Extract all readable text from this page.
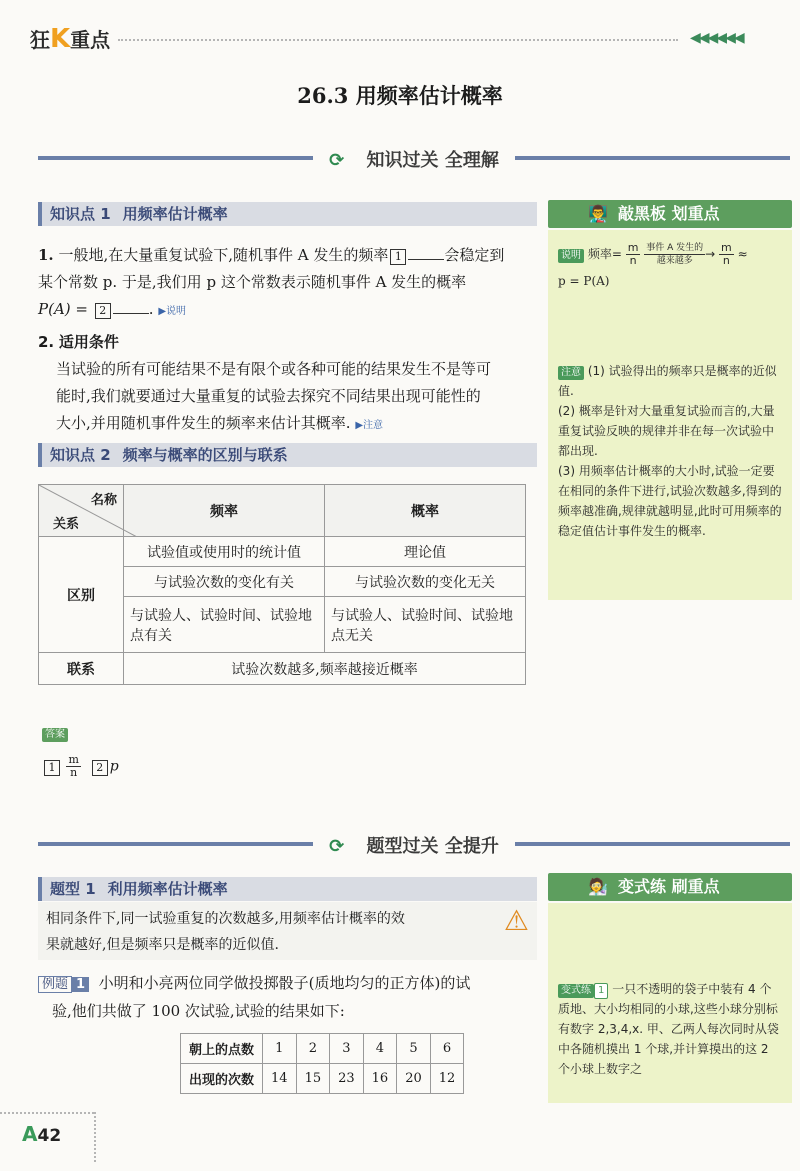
狂K重点	◀◀◀◀◀◀
26.3 用频率估计概率
⟳ 知识过关 全理解
知识点 1 用频率估计概率
1. 一般地,在大量重复试验下,随机事件 A 发生的频率 1	会稳定到
某个常数 p. 于是,我们用 p 这个常数表示随机事件 A 发生的概率
P(A) = 2	. ▶说明
2. 适用条件
当试验的所有可能结果不是有限个或各种可能的结果发生不是等可
能时,我们就要通过大量重复的试验去探究不同结果出现可能性的
大小,并用随机事件发生的频率来估计其概率. ▶注意
知识点 2 频率与概率的区别与联系
名称
关系	频率	概率
区别	试验值或使用时的统计值	理论值
	与试验次数的变化有关	与试验次数的变化无关
	与试验人、试验时间、试验地点有关	与试验人、试验时间、试验地点无关
联系	试验次数越多,频率越接近概率	
答案
$1 \frac{m}{n} 2$ p
👨‍🏫 敲黑板 划重点
说明 频率= $\frac{m}{n}$
$\frac{\text{事件 A 发生的}}{\text{越来越多}} \to \frac{m}{n}$ ≈
p = P(A)
注意 (1) 试验得出的频率只是概率的近似值.
(2) 概率是针对大量重复试验而言的,大量重复试验反映的规律并非在每一次试验中都出现.
(3) 用频率估计概率的大小时,试验一定要在相同的条件下进行,试验次数越多,得到的频率越准确,规律就越明显,此时可用频率的稳定值估计事件发生的概率.
⟳ 题型过关 全提升
题型 1 利用频率估计概率
相同条件下,同一试验重复的次数越多,用频率估计概率的效
果就越好,但是频率只是概率的近似值.
⚠
例题 1 小明和小亮两位同学做投掷骰子(质地均匀的正方体)的试
验,他们共做了 100 次试验,试验的结果如下:
朝上的点数	1	2	3	4	5	6
出现的次数	14	15	23	16	20	12
🧑‍🔬 变式练 刷重点
变式练 1 一只不透明的袋子中装有 4 个质地、大小均相同的小球,这些小球分别标有数字 2,3,4,x. 甲、乙两人每次同时从袋中各随机摸出 1 个球,并计算摸出的这 2 个小球上数字之
A42
